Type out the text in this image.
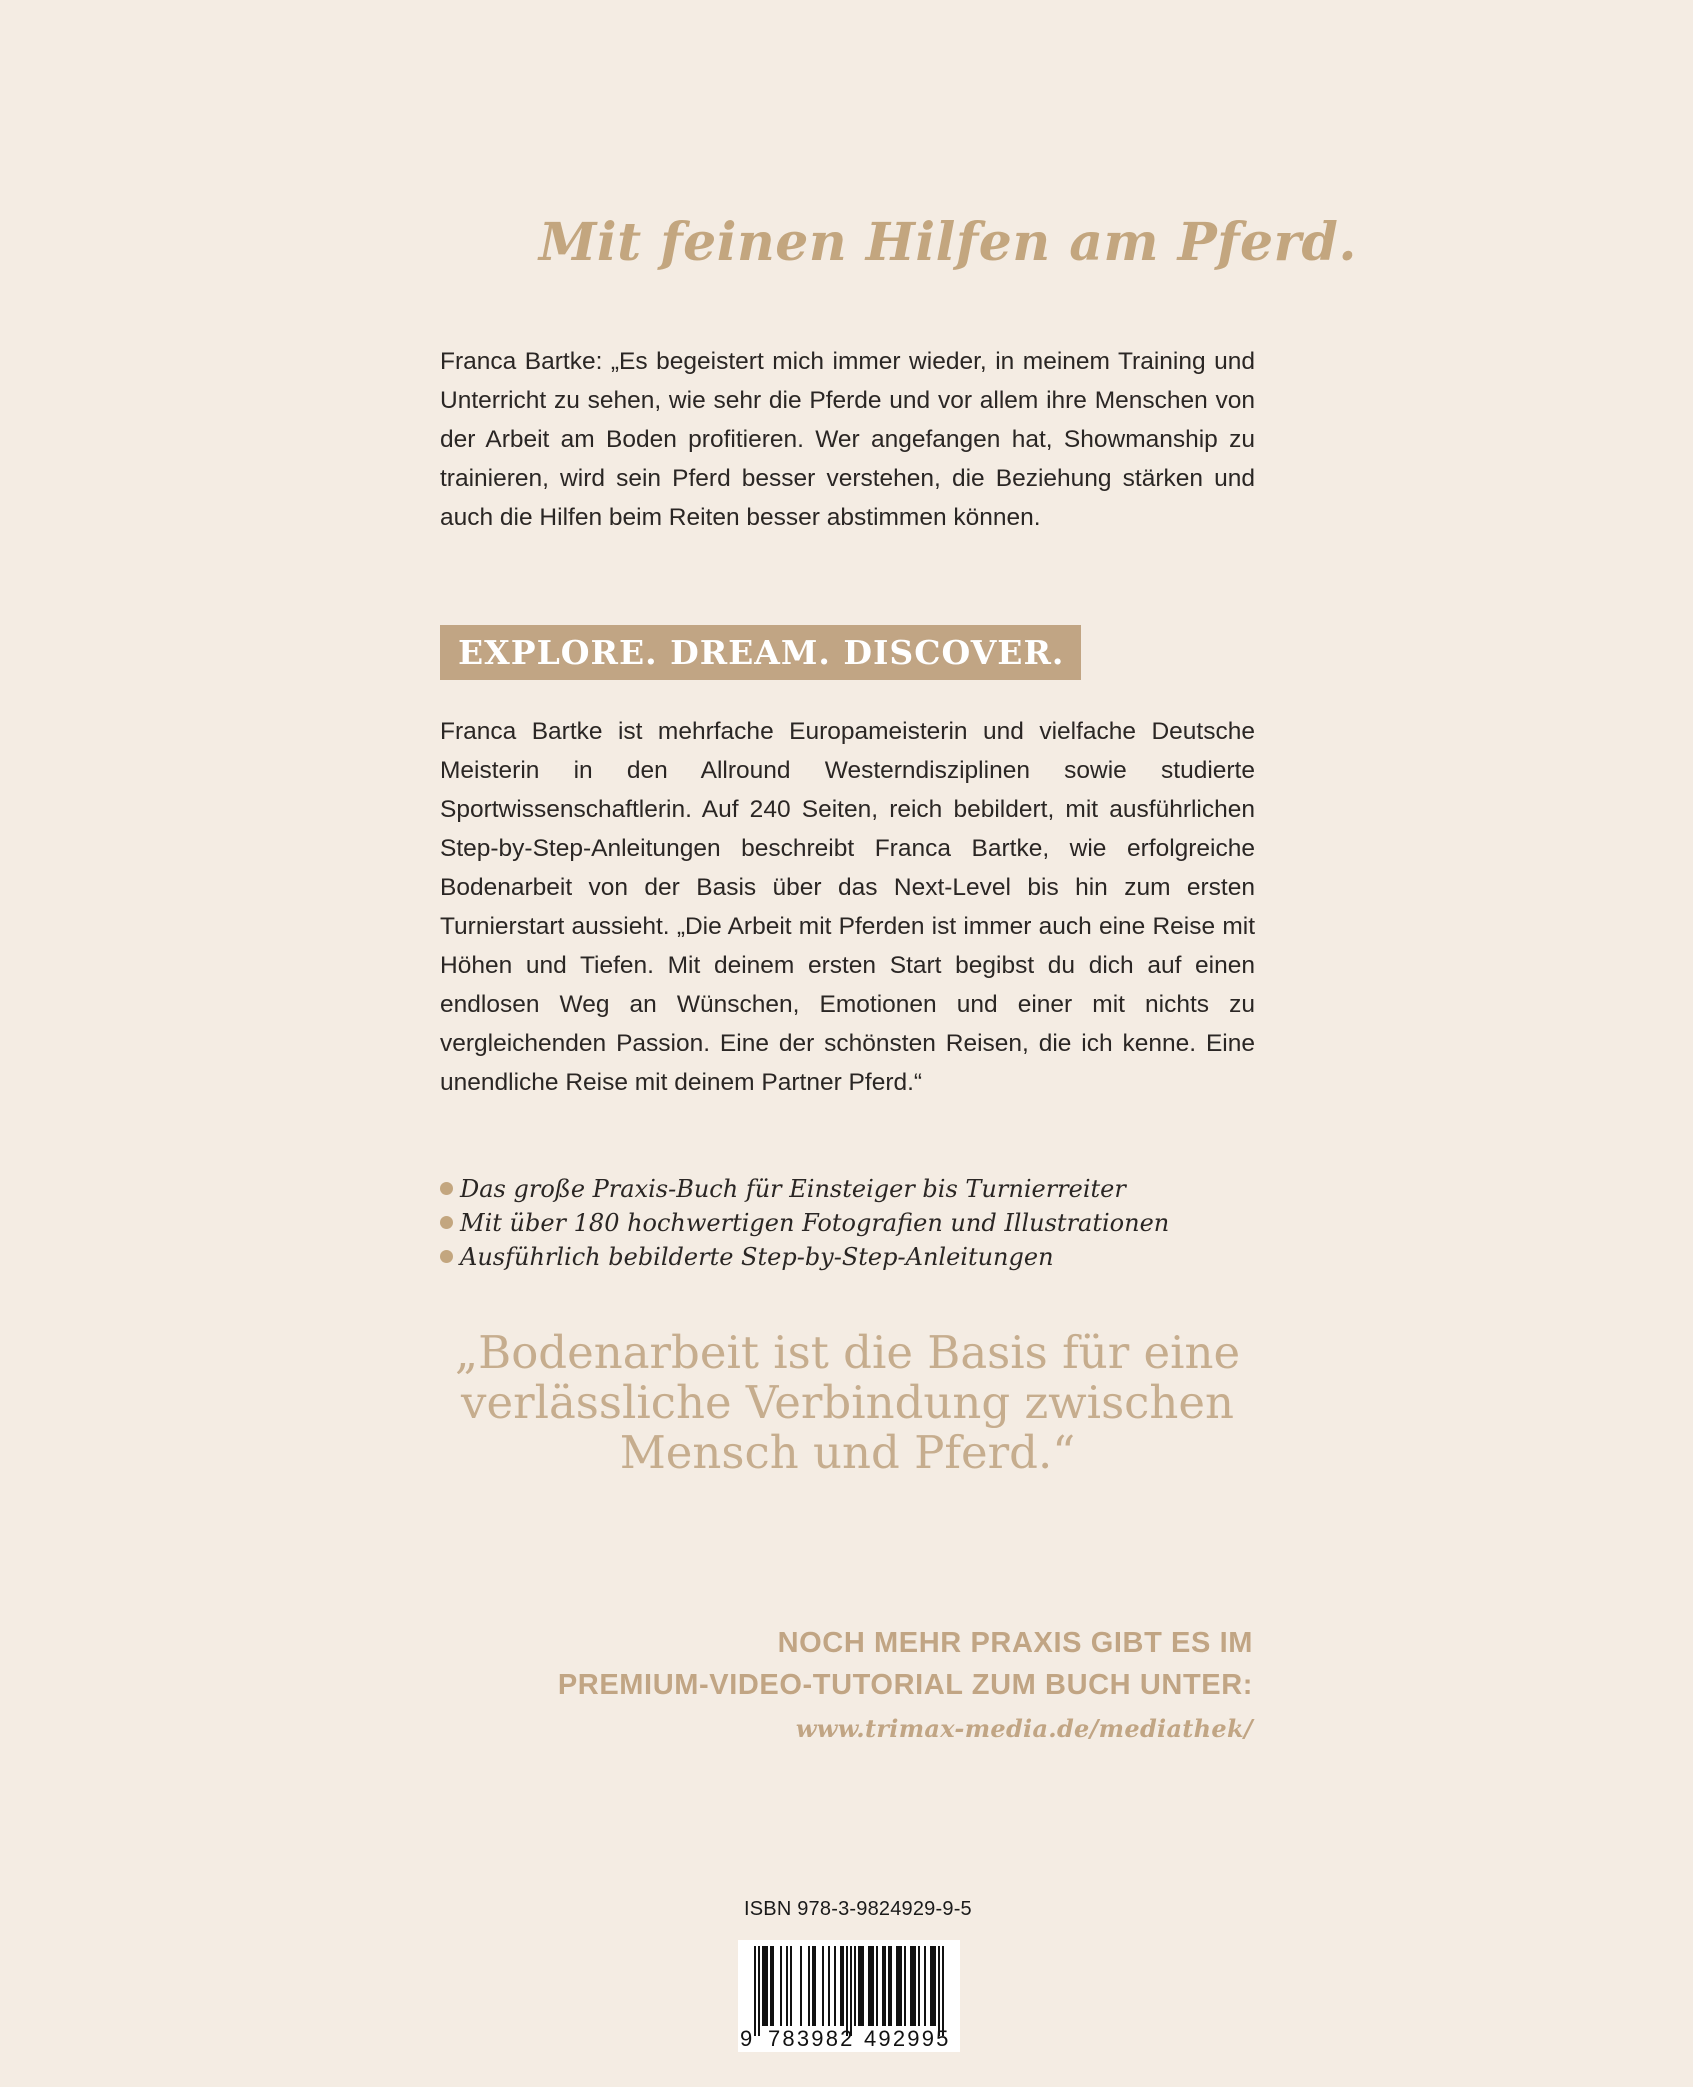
Mit feinen Hilfen am Pferd.

Franca Bartke: „Es begeistert mich immer wieder, in meinem Training und Unterricht zu sehen, wie sehr die Pferde und vor allem ihre Menschen von der Arbeit am Boden profitieren. Wer angefangen hat, Showmanship zu trainieren, wird sein Pferd besser verstehen, die Beziehung stärken und auch die Hilfen beim Reiten besser abstimmen können.

EXPLORE. DREAM. DISCOVER.

Franca Bartke ist mehrfache Europameisterin und vielfache Deutsche Meisterin in den Allround Westerndisziplinen sowie studierte Sportwissenschaftlerin. Auf 240 Seiten, reich bebildert, mit ausführlichen Step-by-Step-Anleitungen beschreibt Franca Bartke, wie erfolgreiche Bodenarbeit von der Basis über das Next-Level bis hin zum ersten Turnierstart aussieht. „Die Arbeit mit Pferden ist immer auch eine Reise mit Höhen und Tiefen. Mit deinem ersten Start begibst du dich auf einen endlosen Weg an Wünschen, Emotionen und einer mit nichts zu vergleichenden Passion. Eine der schönsten Reisen, die ich kenne. Eine unendliche Reise mit deinem Partner Pferd.“

Das große Praxis-Buch für Einsteiger bis Turnierreiter
Mit über 180 hochwertigen Fotografien und Illustrationen
Ausführlich bebilderte Step-by-Step-Anleitungen

„Bodenarbeit ist die Basis für eine verlässliche Verbindung zwischen Mensch und Pferd.“

NOCH MEHR PRAXIS GIBT ES IM
PREMIUM-VIDEO-TUTORIAL ZUM BUCH UNTER:
www.trimax-media.de/mediathek/
ISBN 978-3-9824929-9-5
9 783982 492995
